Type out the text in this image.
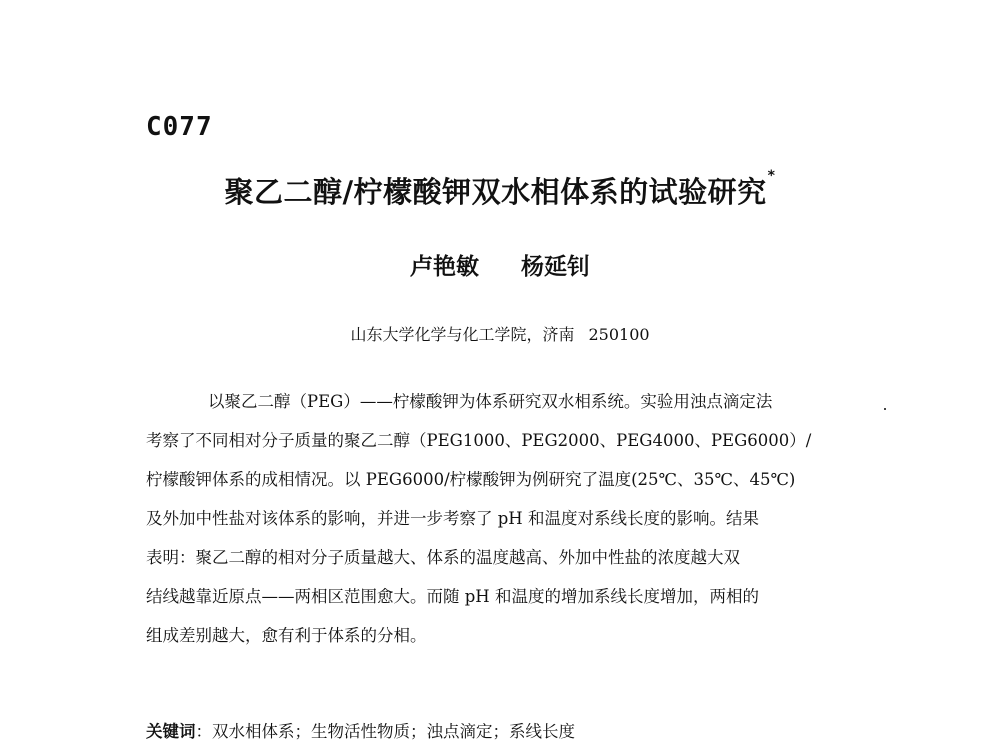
C077
聚乙二醇/柠檬酸钾双水相体系的试验研究*
卢艳敏 杨延钊
山东大学化学与化工学院，济南 250100
以聚乙二醇（PEG）——柠檬酸钾为体系研究双水相系统。实验用浊点滴定法
考察了不同相对分子质量的聚乙二醇（PEG1000、PEG2000、PEG4000、PEG6000）/
柠檬酸钾体系的成相情况。以 PEG6000/柠檬酸钾为例研究了温度(25℃、35℃、45℃)
及外加中性盐对该体系的影响，并进一步考察了 pH 和温度对系线长度的影响。结果
表明：聚乙二醇的相对分子质量越大、体系的温度越高、外加中性盐的浓度越大双
结线越靠近原点——两相区范围愈大。而随 pH 和温度的增加系线长度增加，两相的
组成差别越大，愈有利于体系的分相。
关键词：双水相体系；生物活性物质；浊点滴定；系线长度
